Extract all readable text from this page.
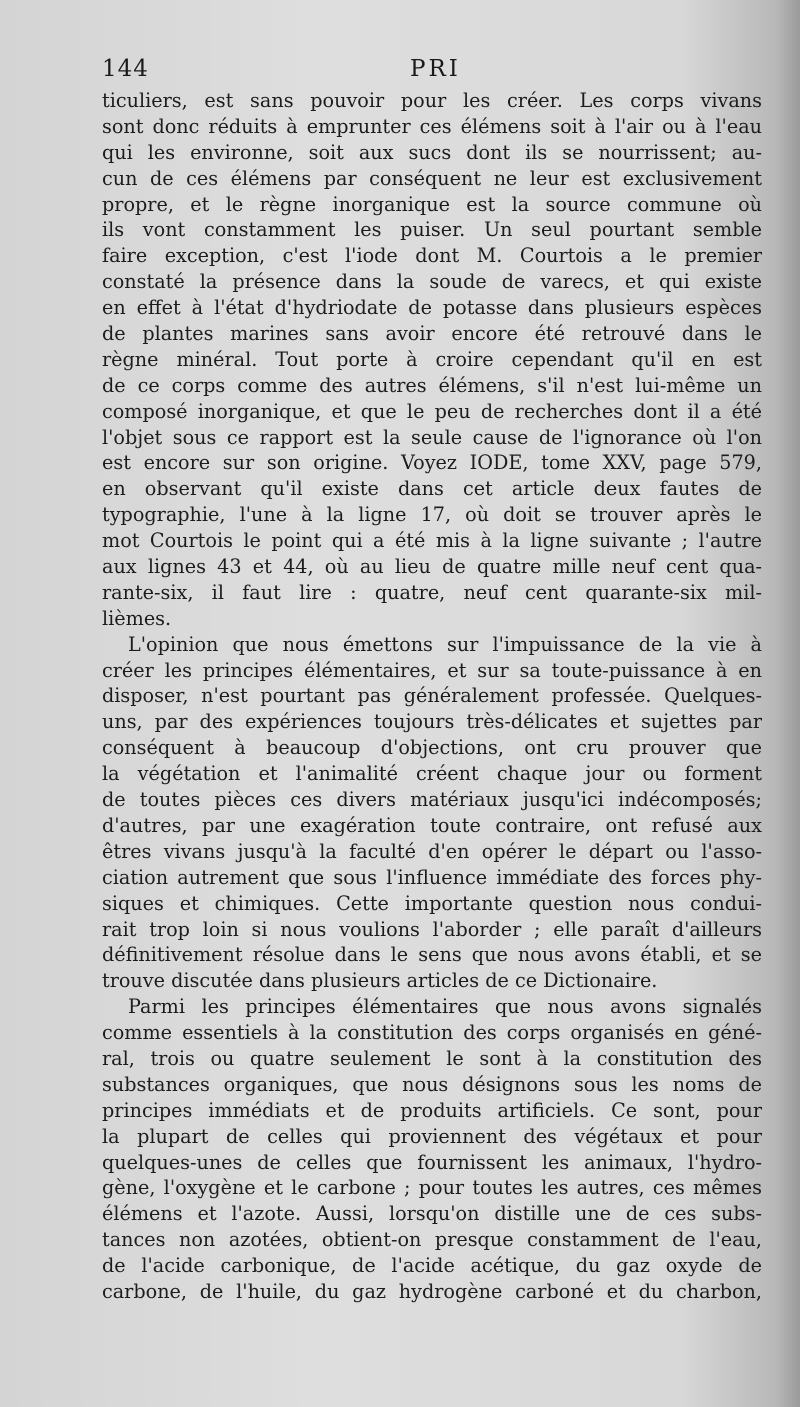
144	PRI

ticuliers, est sans pouvoir pour les créer. Les corps vivans
sont donc réduits à emprunter ces élémens soit à l'air ou à l'eau
qui les environne, soit aux sucs dont ils se nourrissent; au-
cun de ces élémens par conséquent ne leur est exclusivement
propre, et le règne inorganique est la source commune où
ils vont constamment les puiser. Un seul pourtant semble
faire exception, c'est l'iode dont M. Courtois a le premier
constaté la présence dans la soude de varecs, et qui existe
en effet à l'état d'hydriodate de potasse dans plusieurs espèces
de plantes marines sans avoir encore été retrouvé dans le
règne minéral. Tout porte à croire cependant qu'il en est
de ce corps comme des autres élémens, s'il n'est lui-même un
composé inorganique, et que le peu de recherches dont il a été
l'objet sous ce rapport est la seule cause de l'ignorance où l'on
est encore sur son origine. Voyez IODE, tome XXV, page 579,
en observant qu'il existe dans cet article deux fautes de
typographie, l'une à la ligne 17, où doit se trouver après le
mot Courtois le point qui a été mis à la ligne suivante ; l'autre
aux lignes 43 et 44, où au lieu de quatre mille neuf cent qua-
rante-six, il faut lire : quatre, neuf cent quarante-six mil-
lièmes.

L'opinion que nous émettons sur l'impuissance de la vie à
créer les principes élémentaires, et sur sa toute-puissance à en
disposer, n'est pourtant pas généralement professée. Quelques-
uns, par des expériences toujours très-délicates et sujettes par
conséquent à beaucoup d'objections, ont cru prouver que
la végétation et l'animalité créent chaque jour ou forment
de toutes pièces ces divers matériaux jusqu'ici indécomposés;
d'autres, par une exagération toute contraire, ont refusé aux
êtres vivans jusqu'à la faculté d'en opérer le départ ou l'asso-
ciation autrement que sous l'influence immédiate des forces phy-
siques et chimiques. Cette importante question nous condui-
rait trop loin si nous voulions l'aborder ; elle paraît d'ailleurs
définitivement résolue dans le sens que nous avons établi, et se
trouve discutée dans plusieurs articles de ce Dictionaire.

Parmi les principes élémentaires que nous avons signalés
comme essentiels à la constitution des corps organisés en géné-
ral, trois ou quatre seulement le sont à la constitution des
substances organiques, que nous désignons sous les noms de
principes immédiats et de produits artificiels. Ce sont, pour
la plupart de celles qui proviennent des végétaux et pour
quelques-unes de celles que fournissent les animaux, l'hydro-
gène, l'oxygène et le carbone ; pour toutes les autres, ces mêmes
élémens et l'azote. Aussi, lorsqu'on distille une de ces subs-
tances non azotées, obtient-on presque constamment de l'eau,
de l'acide carbonique, de l'acide acétique, du gaz oxyde de
carbone, de l'huile, du gaz hydrogène carboné et du charbon,
